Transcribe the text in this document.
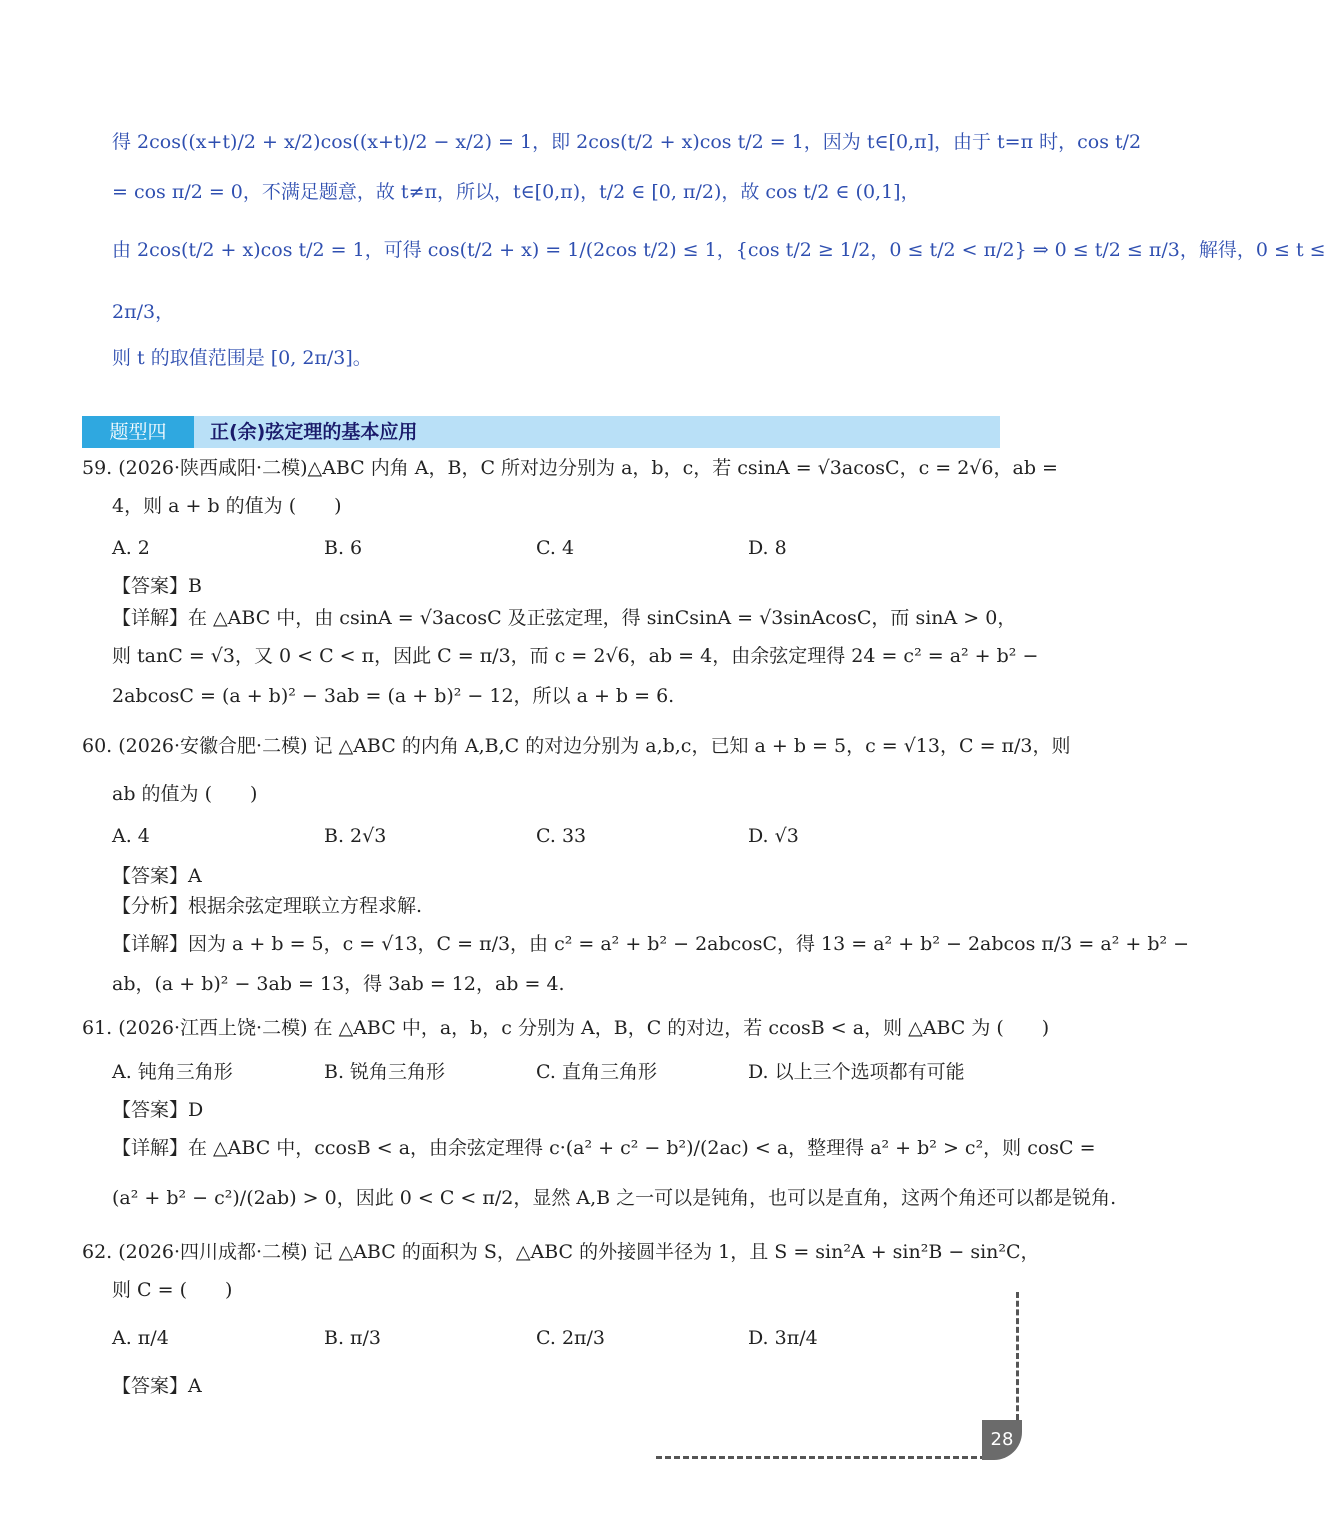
得 2cos((x+t)/2 + x/2)cos((x+t)/2 − x/2) = 1，即 2cos(t/2 + x)cos t/2 = 1，因为 t∈[0,π]，由于 t=π 时，cos t/2
= cos π/2 = 0，不满足题意，故 t≠π，所以，t∈[0,π)，t/2 ∈ [0, π/2)，故 cos t/2 ∈ (0,1]，
由 2cos(t/2 + x)cos t/2 = 1，可得 cos(t/2 + x) = 1/(2cos t/2) ≤ 1，{cos t/2 ≥ 1/2，0 ≤ t/2 < π/2} ⇒ 0 ≤ t/2 ≤ π/3，解得，0 ≤ t ≤
2π/3，
则 t 的取值范围是 [0, 2π/3]。
题型四	正(余)弦定理的基本应用
59. (2026·陕西咸阳·二模)△ABC 内角 A，B，C 所对边分别为 a，b，c，若 csinA = √3acosC，c = 2√6，ab =
4，则 a + b 的值为 (　　)
A. 2	B. 6	C. 4	D. 8
【答案】B
【详解】在 △ABC 中，由 csinA = √3acosC 及正弦定理，得 sinCsinA = √3sinAcosC，而 sinA > 0，
则 tanC = √3，又 0 < C < π，因此 C = π/3，而 c = 2√6，ab = 4，由余弦定理得 24 = c² = a² + b² −
2abcosC = (a + b)² − 3ab = (a + b)² − 12，所以 a + b = 6.
60. (2026·安徽合肥·二模) 记 △ABC 的内角 A,B,C 的对边分别为 a,b,c，已知 a + b = 5，c = √13，C = π/3，则
ab 的值为 (　　)
A. 4	B. 2√3	C. 33	D. √3
【答案】A
【分析】根据余弦定理联立方程求解.
【详解】因为 a + b = 5，c = √13，C = π/3，由 c² = a² + b² − 2abcosC，得 13 = a² + b² − 2abcos π/3 = a² + b² −
ab，(a + b)² − 3ab = 13，得 3ab = 12，ab = 4.
61. (2026·江西上饶·二模) 在 △ABC 中，a，b，c 分别为 A，B，C 的对边，若 ccosB < a，则 △ABC 为 (　　)
A. 钝角三角形	B. 锐角三角形	C. 直角三角形	D. 以上三个选项都有可能
【答案】D
【详解】在 △ABC 中，ccosB < a，由余弦定理得 c·(a² + c² − b²)/(2ac) < a，整理得 a² + b² > c²，则 cosC =
(a² + b² − c²)/(2ab) > 0，因此 0 < C < π/2，显然 A,B 之一可以是钝角，也可以是直角，这两个角还可以都是锐角.
62. (2026·四川成都·二模) 记 △ABC 的面积为 S，△ABC 的外接圆半径为 1，且 S = sin²A + sin²B − sin²C，
则 C = (　　)
A. π/4	B. π/3	C. 2π/3	D. 3π/4
【答案】A
28
